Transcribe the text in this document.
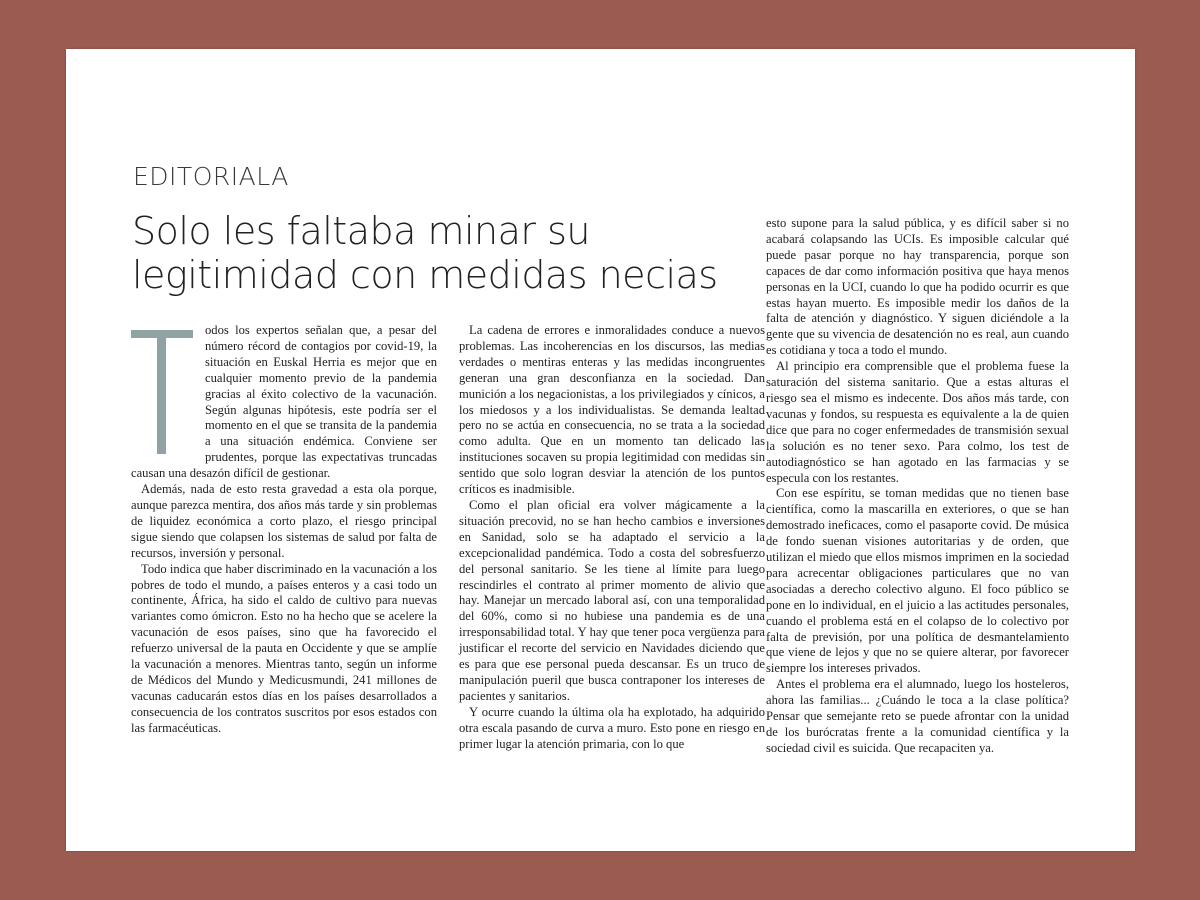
EDITORIALA
Solo les faltaba minar su legitimidad con medidas necias

odos los expertos señalan que, a pesar del número récord de contagios por covid-19, la situación en Euskal Herria es mejor que en cualquier momento previo de la pandemia gracias al éxito colectivo de la vacunación. Según algunas hipótesis, este podría ser el momento en el que se transita de la pandemia a una situación endémica. Conviene ser prudentes, porque las expectativas truncadas causan una desazón difícil de gestionar.

Además, nada de esto resta gravedad a esta ola porque, aunque parezca mentira, dos años más tarde y sin problemas de liquidez económica a corto plazo, el riesgo principal sigue siendo que colapsen los sistemas de salud por falta de recursos, inversión y personal.

Todo indica que haber discriminado en la vacunación a los pobres de todo el mundo, a países enteros y a casi todo un continente, África, ha sido el caldo de cultivo para nuevas variantes como ómicron. Esto no ha hecho que se acelere la vacunación de esos países, sino que ha favorecido el refuerzo universal de la pauta en Occidente y que se amplíe la vacunación a menores. Mientras tanto, según un informe de Médicos del Mundo y Medicusmundi, 241 millones de vacunas caducarán estos días en los países desarrollados a consecuencia de los contratos suscritos por esos estados con las farmacéuticas.

La cadena de errores e inmoralidades conduce a nuevos problemas. Las incoherencias en los discursos, las medias verdades o mentiras enteras y las medidas incongruentes generan una gran desconfianza en la sociedad. Dan munición a los negacionistas, a los privilegiados y cínicos, a los miedosos y a los individualistas. Se demanda lealtad pero no se actúa en consecuencia, no se trata a la sociedad como adulta. Que en un momento tan delicado las instituciones socaven su propia legitimidad con medidas sin sentido que solo logran desviar la atención de los puntos críticos es inadmisible.

Como el plan oficial era volver mágicamente a la situación precovid, no se han hecho cambios e inversiones en Sanidad, solo se ha adaptado el servicio a la excepcionalidad pandémica. Todo a costa del sobresfuerzo del personal sanitario. Se les tiene al límite para luego rescindirles el contrato al primer momento de alivio que hay. Manejar un mercado laboral así, con una temporalidad del 60%, como si no hubiese una pandemia es de una irresponsabilidad total. Y hay que tener poca vergüenza para justificar el recorte del servicio en Navidades diciendo que es para que ese personal pueda descansar. Es un truco de manipulación pueril que busca contraponer los intereses de pacientes y sanitarios.

Y ocurre cuando la última ola ha explotado, ha adquirido otra escala pasando de curva a muro. Esto pone en riesgo en primer lugar la atención primaria, con lo que

esto supone para la salud pública, y es difícil saber si no acabará colapsando las UCIs. Es imposible calcular qué puede pasar porque no hay transparencia, porque son capaces de dar como información positiva que haya menos personas en la UCI, cuando lo que ha podido ocurrir es que estas hayan muerto. Es imposible medir los daños de la falta de atención y diagnóstico. Y siguen diciéndole a la gente que su vivencia de desatención no es real, aun cuando es cotidiana y toca a todo el mundo.

Al principio era comprensible que el problema fuese la saturación del sistema sanitario. Que a estas alturas el riesgo sea el mismo es indecente. Dos años más tarde, con vacunas y fondos, su respuesta es equivalente a la de quien dice que para no coger enfermedades de transmisión sexual la solución es no tener sexo. Para colmo, los test de autodiagnóstico se han agotado en las farmacias y se especula con los restantes.

Con ese espíritu, se toman medidas que no tienen base científica, como la mascarilla en exteriores, o que se han demostrado ineficaces, como el pasaporte covid. De música de fondo suenan visiones autoritarias y de orden, que utilizan el miedo que ellos mismos imprimen en la sociedad para acrecentar obligaciones particulares que no van asociadas a derecho colectivo alguno. El foco público se pone en lo individual, en el juicio a las actitudes personales, cuando el problema está en el colapso de lo colectivo por falta de previsión, por una política de desmantelamiento que viene de lejos y que no se quiere alterar, por favorecer siempre los intereses privados.

Antes el problema era el alumnado, luego los hosteleros, ahora las familias... ¿Cuándo le toca a la clase política? Pensar que semejante reto se puede afrontar con la unidad de los burócratas frente a la comunidad científica y la sociedad civil es suicida. Que recapaciten ya.
